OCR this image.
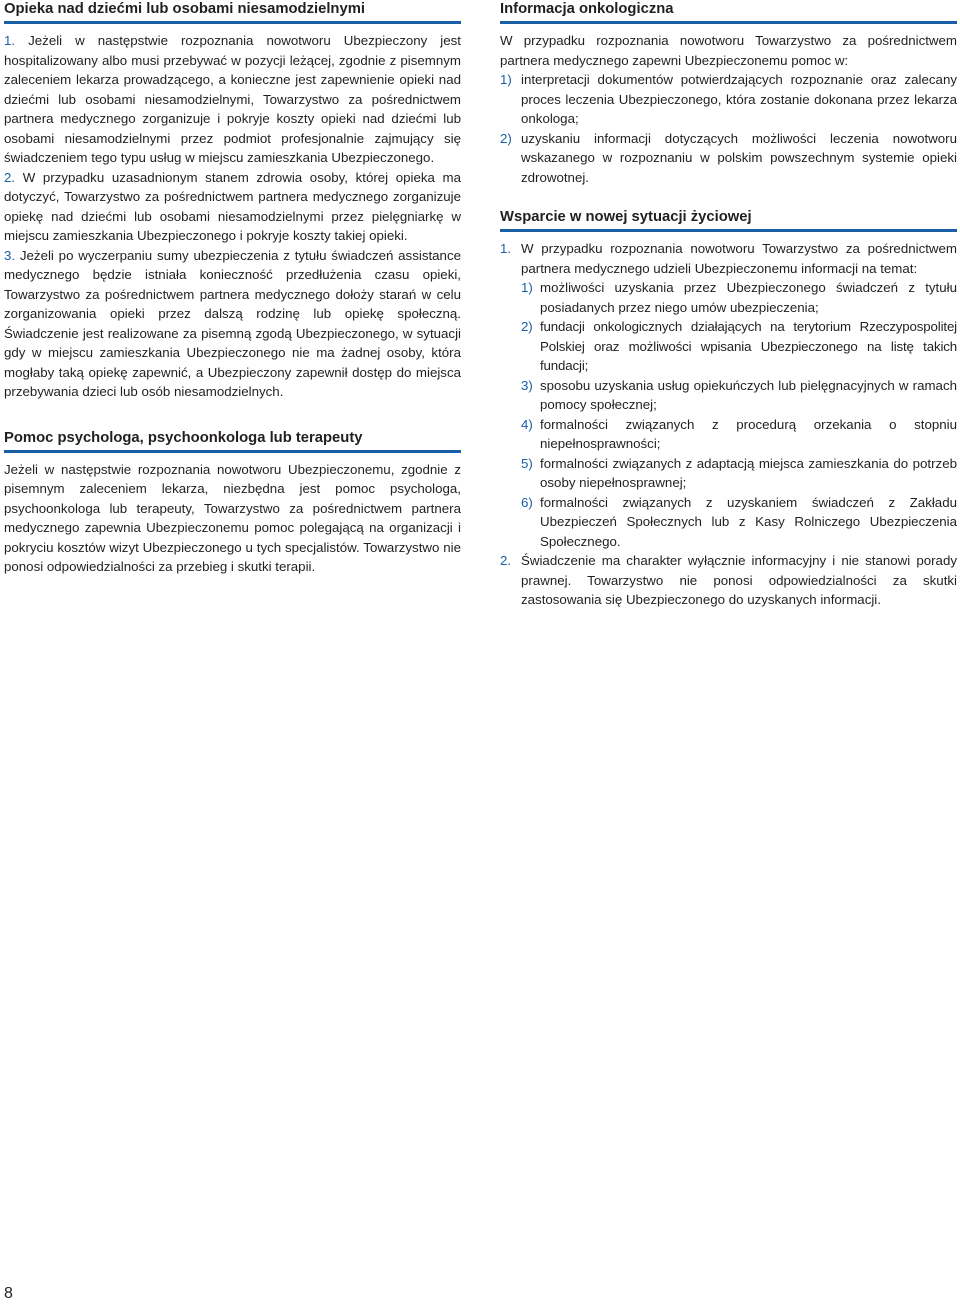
Opieka nad dziećmi lub osobami niesamodzielnymi

1. Jeżeli w następstwie rozpoznania nowotworu Ubezpieczony jest hospitalizowany albo musi przebywać w pozycji leżącej, zgodnie z pisemnym zaleceniem lekarza prowadzącego, a konieczne jest zapewnienie opieki nad dziećmi lub osobami niesamodzielnymi, Towarzystwo za pośrednictwem partnera medycznego zorganizuje i pokryje koszty opieki nad dziećmi lub osobami niesamodzielnymi przez podmiot profesjonalnie zajmujący się świadczeniem tego typu usług w miejscu zamieszkania Ubezpieczonego.

2. W przypadku uzasadnionym stanem zdrowia osoby, której opieka ma dotyczyć, Towarzystwo za pośrednictwem partnera medycznego zorganizuje opiekę nad dziećmi lub osobami niesamodzielnymi przez pielęgniarkę w miejscu zamieszkania Ubezpieczonego i pokryje koszty takiej opieki.

3. Jeżeli po wyczerpaniu sumy ubezpieczenia z tytułu świadczeń assistance medycznego będzie istniała konieczność przedłużenia czasu opieki, Towarzystwo za pośrednictwem partnera medycznego dołoży starań w celu zorganizowania opieki przez dalszą rodzinę lub opiekę społeczną. Świadczenie jest realizowane za pisemną zgodą Ubezpieczonego, w sytuacji gdy w miejscu zamieszkania Ubezpieczonego nie ma żadnej osoby, która mogłaby taką opiekę zapewnić, a Ubezpieczony zapewnił dostęp do miejsca przebywania dzieci lub osób niesamodzielnych.

Pomoc psychologa, psychoonkologa lub terapeuty

Jeżeli w następstwie rozpoznania nowotworu Ubezpieczonemu, zgodnie z pisemnym zaleceniem lekarza, niezbędna jest pomoc psychologa, psychoonkologa lub terapeuty, Towarzystwo za pośrednictwem partnera medycznego zapewnia Ubezpieczonemu pomoc polegającą na organizacji i pokryciu kosztów wizyt Ubezpieczonego u tych specjalistów. Towarzystwo nie ponosi odpowiedzialności za przebieg i skutki terapii.

Informacja onkologiczna

W przypadku rozpoznania nowotworu Towarzystwo za pośrednictwem partnera medycznego zapewni Ubezpieczonemu pomoc w:

1) interpretacji dokumentów potwierdzających rozpoznanie oraz zalecany proces leczenia Ubezpieczonego, która zostanie dokonana przez lekarza onkologa;
2) uzyskaniu informacji dotyczących możliwości leczenia nowotworu wskazanego w rozpoznaniu w polskim powszechnym systemie opieki zdrowotnej.
Wsparcie w nowej sytuacji życiowej
1. W przypadku rozpoznania nowotworu Towarzystwo za pośrednictwem partnera medycznego udzieli Ubezpieczonemu informacji na temat:
1) możliwości uzyskania przez Ubezpieczonego świadczeń z tytułu posiadanych przez niego umów ubezpieczenia;
2) fundacji onkologicznych działających na terytorium Rzeczypospolitej Polskiej oraz możliwości wpisania Ubezpieczonego na listę takich fundacji;
3) sposobu uzyskania usług opiekuńczych lub pielęgnacyjnych w ramach pomocy społecznej;
4) formalności związanych z procedurą orzekania o stopniu niepełnosprawności;
5) formalności związanych z adaptacją miejsca zamieszkania do potrzeb osoby niepełnosprawnej;
6) formalności związanych z uzyskaniem świadczeń z Zakładu Ubezpieczeń Społecznych lub z Kasy Rolniczego Ubezpieczenia Społecznego.
2. Świadczenie ma charakter wyłącznie informacyjny i nie stanowi porady prawnej. Towarzystwo nie ponosi odpowiedzialności za skutki zastosowania się Ubezpieczonego do uzyskanych informacji.
8
